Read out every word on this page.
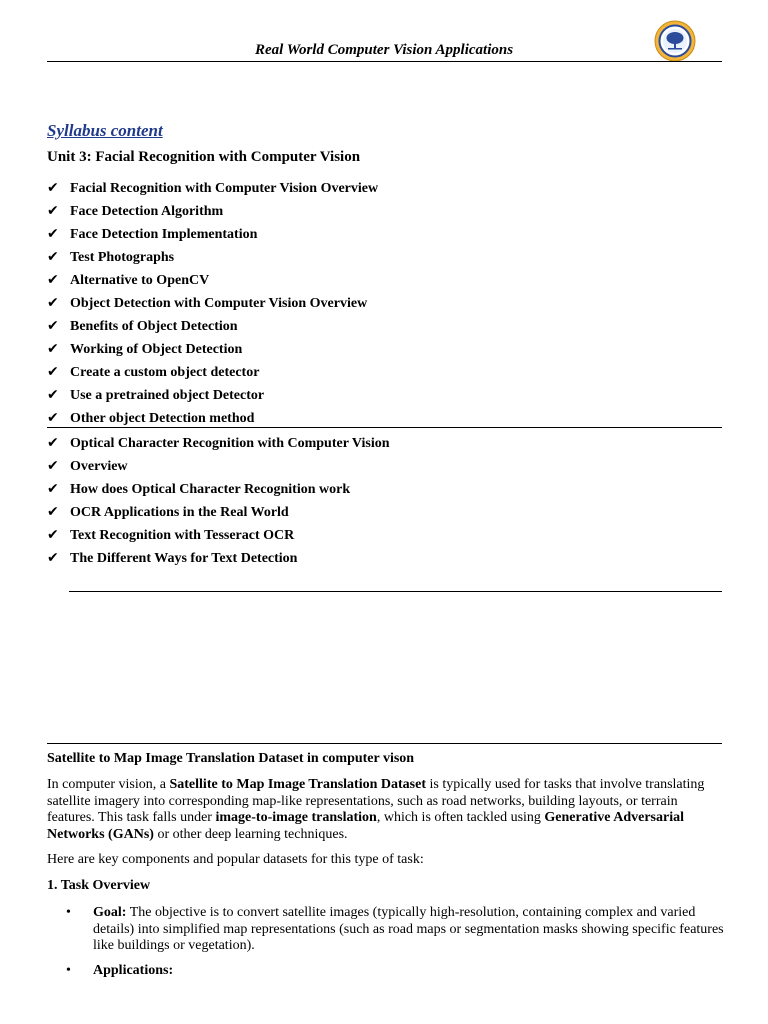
Real World Computer Vision Applications
Syllabus content
Unit 3: Facial Recognition with Computer Vision
✔ Facial Recognition with Computer Vision Overview
✔ Face Detection Algorithm
✔ Face Detection Implementation
✔ Test Photographs
✔ Alternative to OpenCV
✔ Object Detection with Computer Vision Overview
✔ Benefits of Object Detection
✔ Working of Object Detection
✔ Create a custom object detector
✔ Use a pretrained object Detector
✔ Other object Detection method
✔ Optical Character Recognition with Computer Vision
✔ Overview
✔ How does Optical Character Recognition work
✔ OCR Applications in the Real World
✔ Text Recognition with Tesseract OCR
✔ The Different Ways for Text Detection
Satellite to Map Image Translation Dataset in computer vison

In computer vision, a Satellite to Map Image Translation Dataset is typically used for tasks that involve translating satellite imagery into corresponding map-like representations, such as road networks, building layouts, or terrain features. This task falls under image-to-image translation, which is often tackled using Generative Adversarial Networks (GANs) or other deep learning techniques.

Here are key components and popular datasets for this type of task:

1. Task Overview

• Goal: The objective is to convert satellite images (typically high-resolution, containing complex and varied details) into simplified map representations (such as road maps or segmentation masks showing specific features like buildings or vegetation).
• Applications:
